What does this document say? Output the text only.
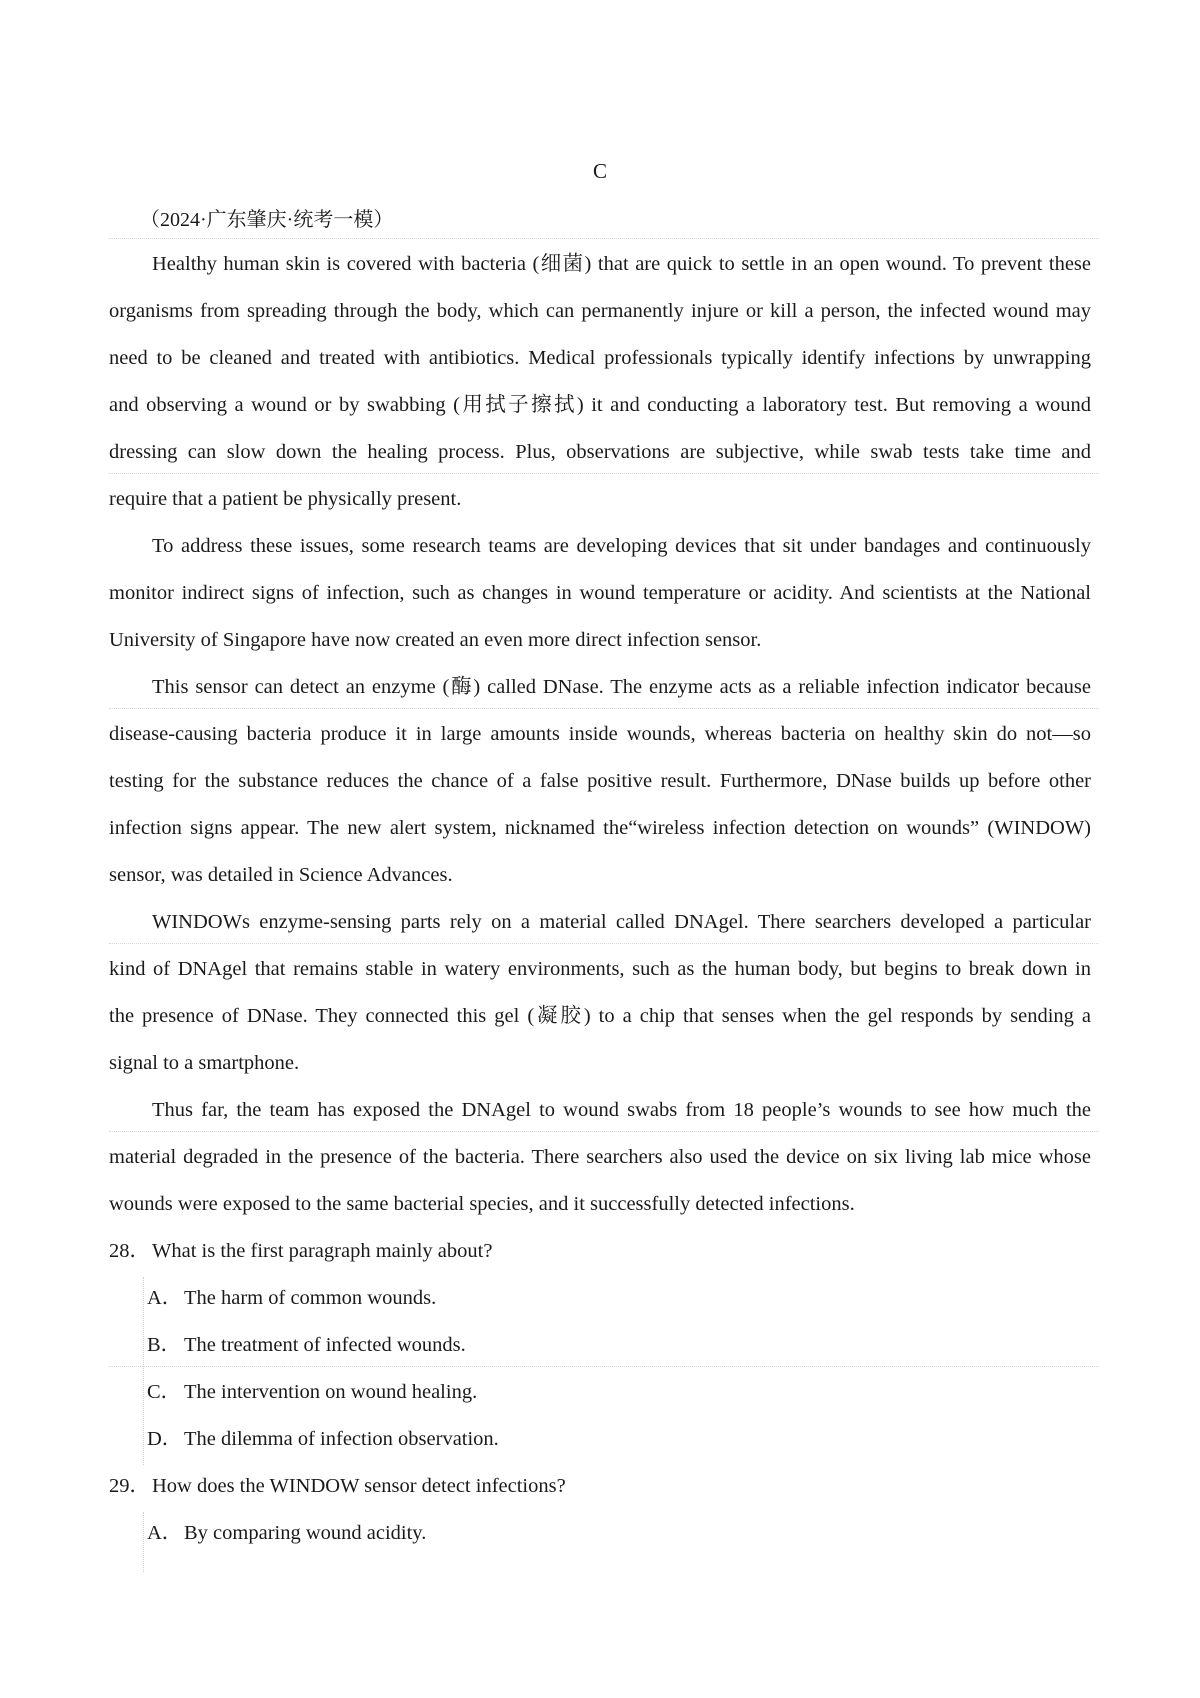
C
（2024·广东肇庆·统考一模）
Healthy human skin is covered with bacteria (细菌) that are quick to settle in an open wound. To prevent these
organisms from spreading through the body, which can permanently injure or kill a person, the infected wound may
need to be cleaned and treated with antibiotics. Medical professionals typically identify infections by unwrapping
and observing a wound or by swabbing (用拭子擦拭) it and conducting a laboratory test. But removing a wound
dressing can slow down the healing process. Plus, observations are subjective, while swab tests take time and
require that a patient be physically present.
To address these issues, some research teams are developing devices that sit under bandages and continuously
monitor indirect signs of infection, such as changes in wound temperature or acidity. And scientists at the National
University of Singapore have now created an even more direct infection sensor.
This sensor can detect an enzyme (酶) called DNase. The enzyme acts as a reliable infection indicator because
disease-causing bacteria produce it in large amounts inside wounds, whereas bacteria on healthy skin do not—so
testing for the substance reduces the chance of a false positive result. Furthermore, DNase builds up before other
infection signs appear. The new alert system, nicknamed the“wireless infection detection on wounds” (WINDOW)
sensor, was detailed in Science Advances.
WINDOWs enzyme-sensing parts rely on a material called DNAgel. There searchers developed a particular
kind of DNAgel that remains stable in watery environments, such as the human body, but begins to break down in
the presence of DNase. They connected this gel (凝胶) to a chip that senses when the gel responds by sending a
signal to a smartphone.
Thus far, the team has exposed the DNAgel to wound swabs from 18 people’s wounds to see how much the
material degraded in the presence of the bacteria. There searchers also used the device on six living lab mice whose
wounds were exposed to the same bacterial species, and it successfully detected infections.
28．What is the first paragraph mainly about?
A．The harm of common wounds.
B． The treatment of infected wounds.
C． The intervention on wound healing.
D．The dilemma of infection observation.
29．How does the WINDOW sensor detect infections?
A．By comparing wound acidity.
